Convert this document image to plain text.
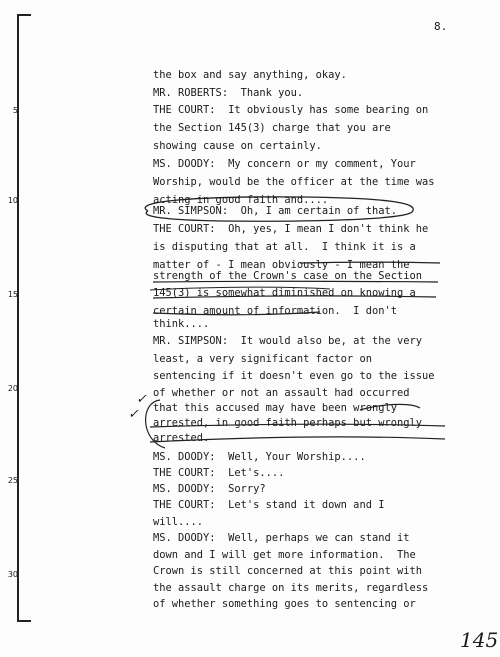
8.
5
10
15
20
25
30
the box and say anything, okay.
MR. ROBERTS:  Thank you.
THE COURT:  It obviously has some bearing on
the Section 145(3) charge that you are
showing cause on certainly.
MS. DOODY:  My concern or my comment, Your
Worship, would be the officer at the time was
acting in good faith and....
MR. SIMPSON:  Oh, I am certain of that.
THE COURT:  Oh, yes, I mean I don't think he
is disputing that at all.  I think it is a
matter of - I mean obviously - I mean the
strength of the Crown's case on the Section
145(3) is somewhat diminished on knowing a
certain amount of information.  I don't
think....
MR. SIMPSON:  It would also be, at the very
least, a very significant factor on
sentencing if it doesn't even go to the issue
of whether or not an assault had occurred
that this accused may have been wrongly
arrested, in good faith perhaps but wrongly
arrested.
MS. DOODY:  Well, Your Worship....
THE COURT:  Let's....
MS. DOODY:  Sorry?
THE COURT:  Let's stand it down and I
will....
MS. DOODY:  Well, perhaps we can stand it
down and I will get more information.  The
Crown is still concerned at this point with
the assault charge on its merits, regardless
of whether something goes to sentencing or
✓
✓
145
